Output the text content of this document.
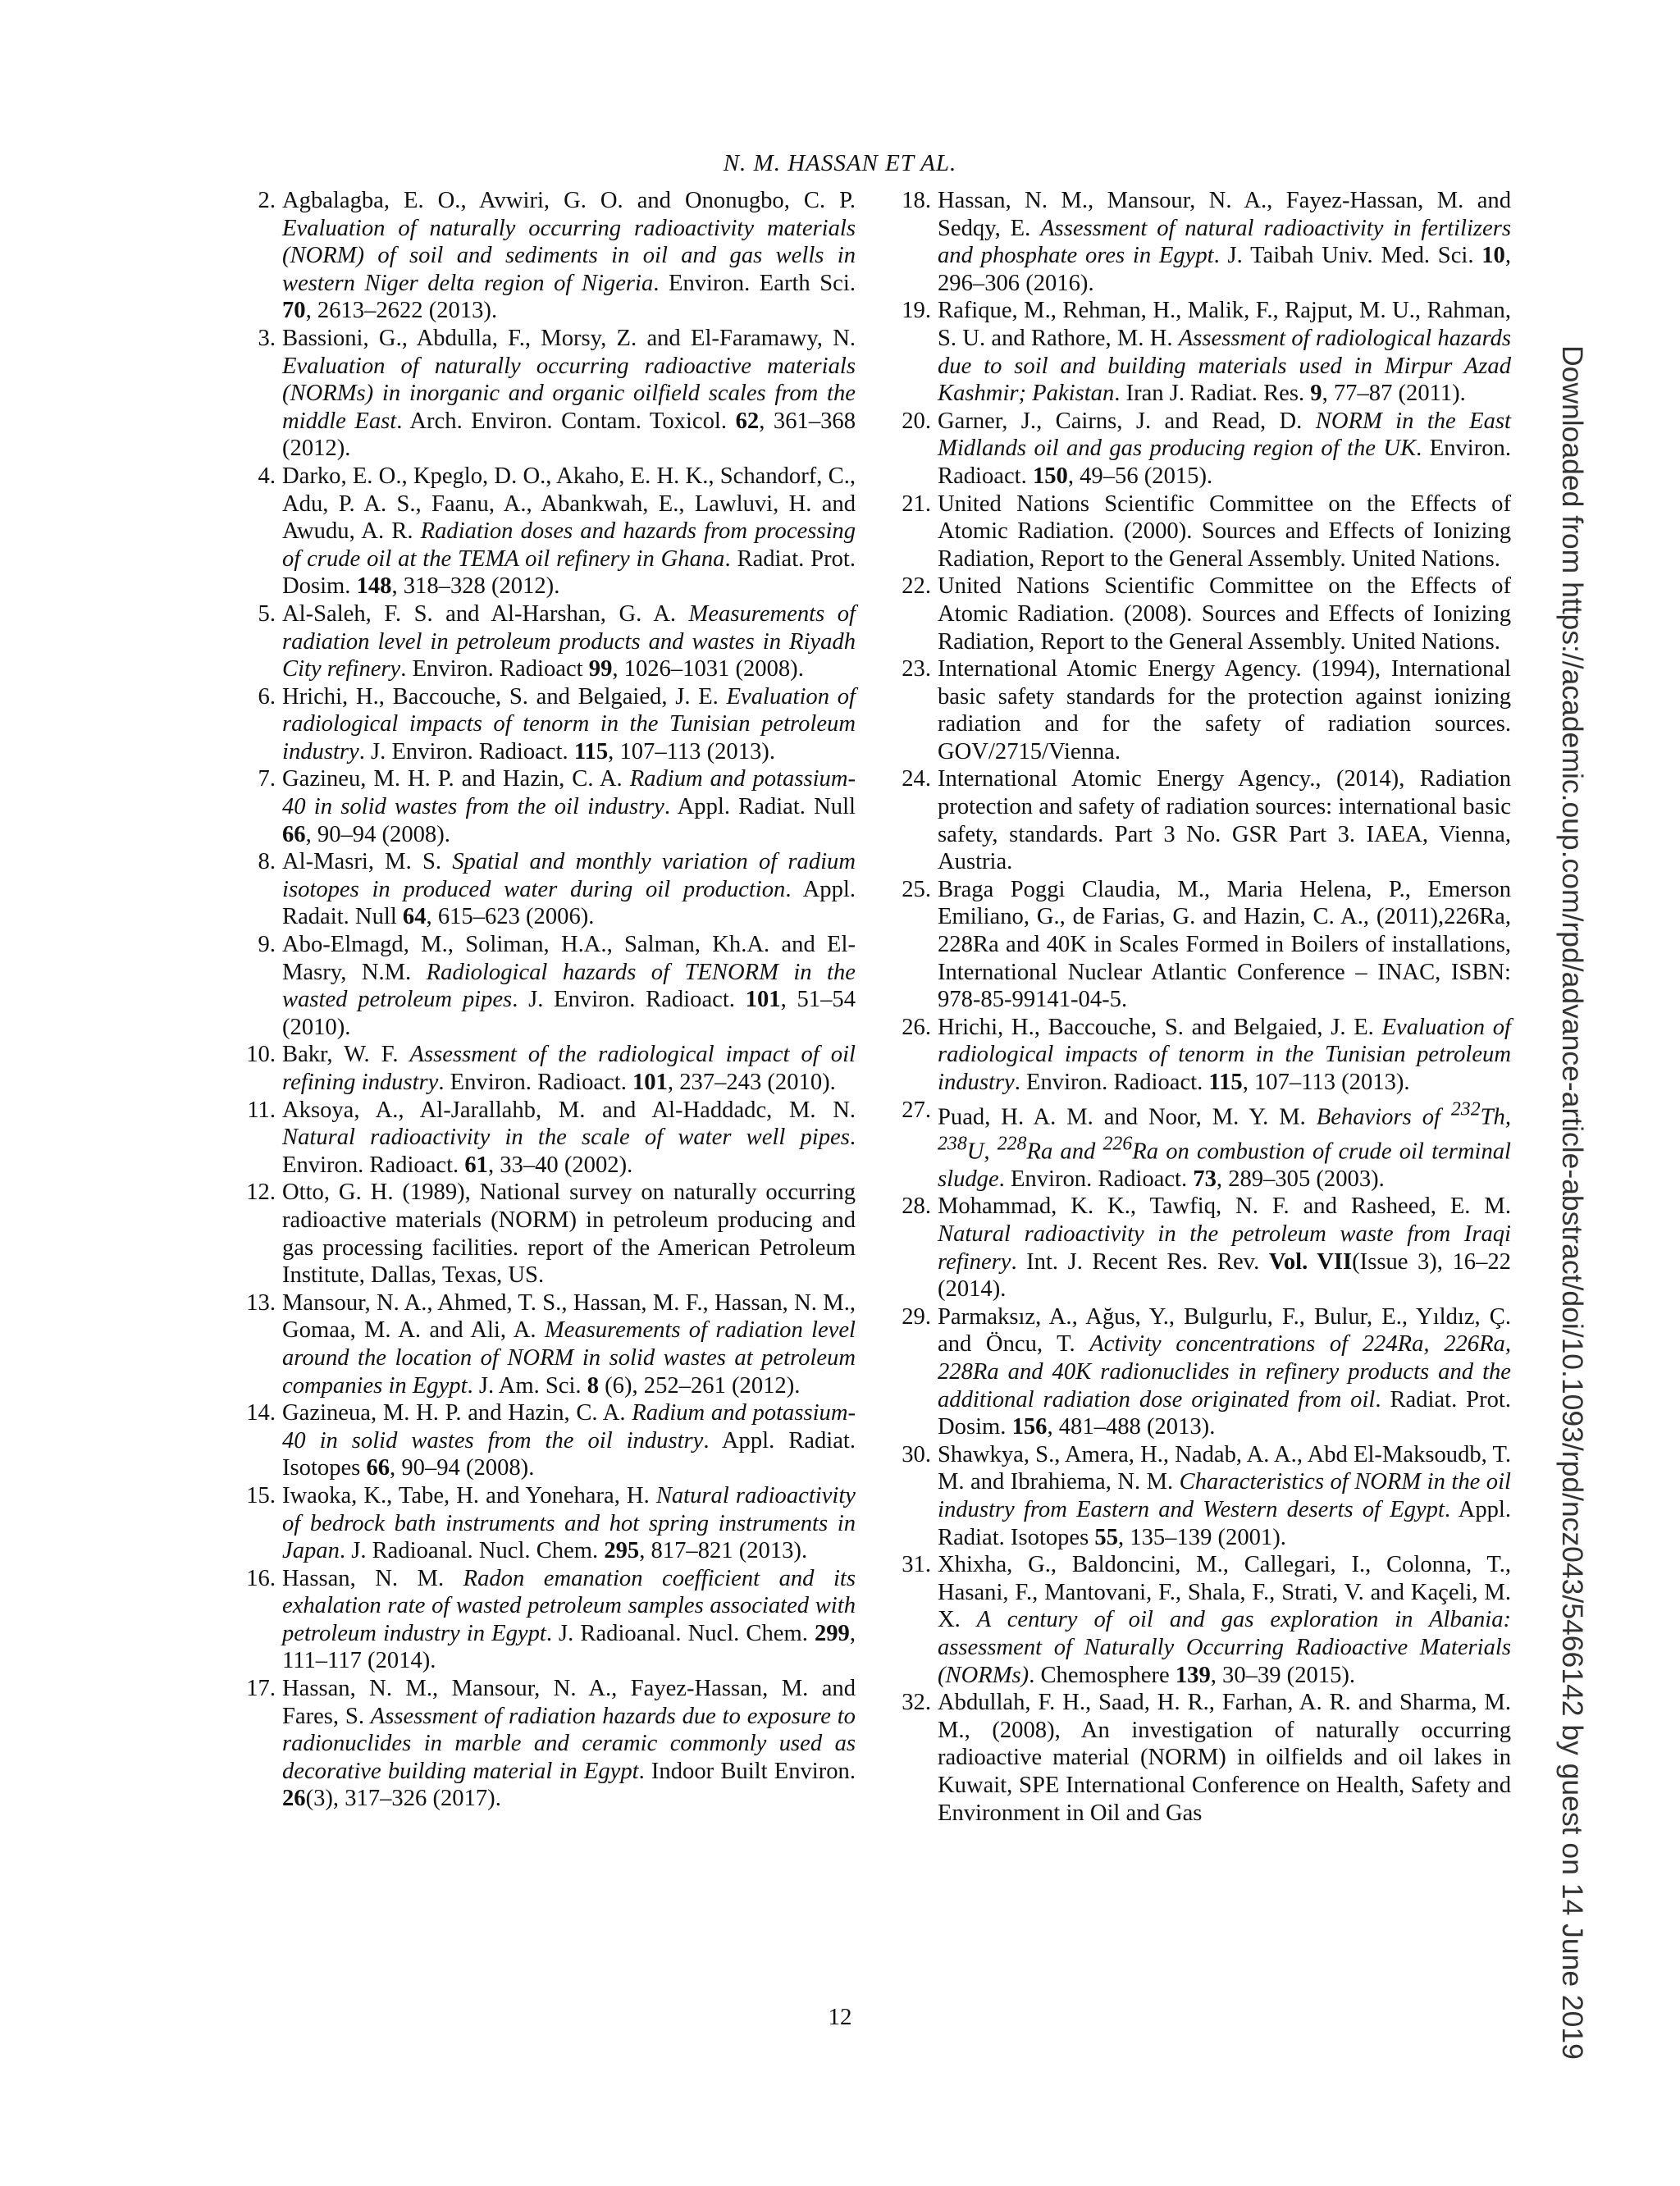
N. M. HASSAN ET AL.
2. Agbalagba, E. O., Avwiri, G. O. and Ononugbo, C. P. Evaluation of naturally occurring radioactivity materials (NORM) of soil and sediments in oil and gas wells in western Niger delta region of Nigeria. Environ. Earth Sci. 70, 2613–2622 (2013).
3. Bassioni, G., Abdulla, F., Morsy, Z. and El-Faramawy, N. Evaluation of naturally occurring radioactive materials (NORMs) in inorganic and organic oilfield scales from the middle East. Arch. Environ. Contam. Toxicol. 62, 361–368 (2012).
4. Darko, E. O., Kpeglo, D. O., Akaho, E. H. K., Schandorf, C., Adu, P. A. S., Faanu, A., Abankwah, E., Lawluvi, H. and Awudu, A. R. Radiation doses and hazards from processing of crude oil at the TEMA oil refinery in Ghana. Radiat. Prot. Dosim. 148, 318–328 (2012).
5. Al-Saleh, F. S. and Al-Harshan, G. A. Measurements of radiation level in petroleum products and wastes in Riyadh City refinery. Environ. Radioact 99, 1026–1031 (2008).
6. Hrichi, H., Baccouche, S. and Belgaied, J. E. Evaluation of radiological impacts of tenorm in the Tunisian petroleum industry. J. Environ. Radioact. 115, 107–113 (2013).
7. Gazineu, M. H. P. and Hazin, C. A. Radium and potassium-40 in solid wastes from the oil industry. Appl. Radiat. Null 66, 90–94 (2008).
8. Al-Masri, M. S. Spatial and monthly variation of radium isotopes in produced water during oil production. Appl. Radait. Null 64, 615–623 (2006).
9. Abo-Elmagd, M., Soliman, H.A., Salman, Kh.A. and El-Masry, N.M. Radiological hazards of TENORM in the wasted petroleum pipes. J. Environ. Radioact. 101, 51–54 (2010).
10. Bakr, W. F. Assessment of the radiological impact of oil refining industry. Environ. Radioact. 101, 237–243 (2010).
11. Aksoya, A., Al-Jarallahb, M. and Al-Haddadc, M. N. Natural radioactivity in the scale of water well pipes. Environ. Radioact. 61, 33–40 (2002).
12. Otto, G. H. (1989), National survey on naturally occurring radioactive materials (NORM) in petroleum producing and gas processing facilities. report of the American Petroleum Institute, Dallas, Texas, US.
13. Mansour, N. A., Ahmed, T. S., Hassan, M. F., Hassan, N. M., Gomaa, M. A. and Ali, A. Measurements of radiation level around the location of NORM in solid wastes at petroleum companies in Egypt. J. Am. Sci. 8 (6), 252–261 (2012).
14. Gazineua, M. H. P. and Hazin, C. A. Radium and potassium-40 in solid wastes from the oil industry. Appl. Radiat. Isotopes 66, 90–94 (2008).
15. Iwaoka, K., Tabe, H. and Yonehara, H. Natural radioactivity of bedrock bath instruments and hot spring instruments in Japan. J. Radioanal. Nucl. Chem. 295, 817–821 (2013).
16. Hassan, N. M. Radon emanation coefficient and its exhalation rate of wasted petroleum samples associated with petroleum industry in Egypt. J. Radioanal. Nucl. Chem. 299, 111–117 (2014).
17. Hassan, N. M., Mansour, N. A., Fayez-Hassan, M. and Fares, S. Assessment of radiation hazards due to exposure to radionuclides in marble and ceramic commonly used as decorative building material in Egypt. Indoor Built Environ. 26(3), 317–326 (2017).
18. Hassan, N. M., Mansour, N. A., Fayez-Hassan, M. and Sedqy, E. Assessment of natural radioactivity in fertilizers and phosphate ores in Egypt. J. Taibah Univ. Med. Sci. 10, 296–306 (2016).
19. Rafique, M., Rehman, H., Malik, F., Rajput, M. U., Rahman, S. U. and Rathore, M. H. Assessment of radiological hazards due to soil and building materials used in Mirpur Azad Kashmir; Pakistan. Iran J. Radiat. Res. 9, 77–87 (2011).
20. Garner, J., Cairns, J. and Read, D. NORM in the East Midlands oil and gas producing region of the UK. Environ. Radioact. 150, 49–56 (2015).
21. United Nations Scientific Committee on the Effects of Atomic Radiation. (2000). Sources and Effects of Ionizing Radiation, Report to the General Assembly. United Nations.
22. United Nations Scientific Committee on the Effects of Atomic Radiation. (2008). Sources and Effects of Ionizing Radiation, Report to the General Assembly. United Nations.
23. International Atomic Energy Agency. (1994), International basic safety standards for the protection against ionizing radiation and for the safety of radiation sources. GOV/2715/Vienna.
24. International Atomic Energy Agency., (2014), Radiation protection and safety of radiation sources: international basic safety, standards. Part 3 No. GSR Part 3. IAEA, Vienna, Austria.
25. Braga Poggi Claudia, M., Maria Helena, P., Emerson Emiliano, G., de Farias, G. and Hazin, C. A., (2011),226Ra, 228Ra and 40K in Scales Formed in Boilers of installations, International Nuclear Atlantic Conference – INAC, ISBN: 978-85-99141-04-5.
26. Hrichi, H., Baccouche, S. and Belgaied, J. E. Evaluation of radiological impacts of tenorm in the Tunisian petroleum industry. Environ. Radioact. 115, 107–113 (2013).
27. Puad, H. A. M. and Noor, M. Y. M. Behaviors of $^{232}$Th, $^{238}$U, $^{228}$Ra and $^{226}$Ra on combustion of crude oil terminal sludge. Environ. Radioact. 73, 289–305 (2003).
28. Mohammad, K. K., Tawfiq, N. F. and Rasheed, E. M. Natural radioactivity in the petroleum waste from Iraqi refinery. Int. J. Recent Res. Rev. Vol. VII(Issue 3), 16–22 (2014).
29. Parmaksız, A., Ağus, Y., Bulgurlu, F., Bulur, E., Yıldız, Ç. and Öncu, T. Activity concentrations of 224Ra, 226Ra, 228Ra and 40K radionuclides in refinery products and the additional radiation dose originated from oil. Radiat. Prot. Dosim. 156, 481–488 (2013).
30. Shawkya, S., Amera, H., Nadab, A. A., Abd El-Maksoudb, T. M. and Ibrahiema, N. M. Characteristics of NORM in the oil industry from Eastern and Western deserts of Egypt. Appl. Radiat. Isotopes 55, 135–139 (2001).
31. Xhixha, G., Baldoncini, M., Callegari, I., Colonna, T., Hasani, F., Mantovani, F., Shala, F., Strati, V. and Kaçeli, M. X. A century of oil and gas exploration in Albania: assessment of Naturally Occurring Radioactive Materials (NORMs). Chemosphere 139, 30–39 (2015).
32. Abdullah, F. H., Saad, H. R., Farhan, A. R. and Sharma, M. M., (2008), An investigation of naturally occurring radioactive material (NORM) in oilfields and oil lakes in Kuwait, SPE International Conference on Health, Safety and Environment in Oil and Gas	Downloaded from https://academic.oup.com/rpd/advance-article-abstract/doi/10.1093/rpd/ncz043/5466142 by guest on 14 June 2019
12
